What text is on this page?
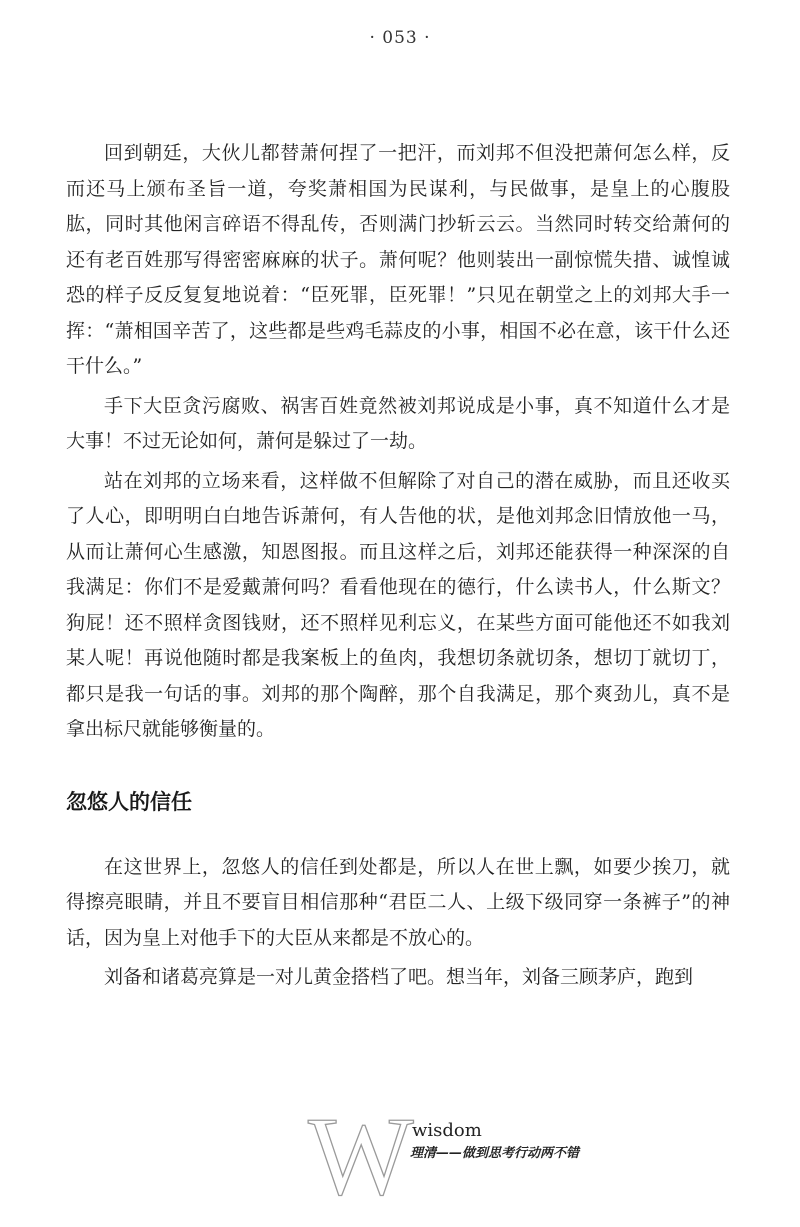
· 053 ·

回到朝廷，大伙儿都替萧何捏了一把汗，而刘邦不但没把萧何怎么样，反而还马上颁布圣旨一道，夸奖萧相国为民谋利，与民做事，是皇上的心腹股肱，同时其他闲言碎语不得乱传，否则满门抄斩云云。当然同时转交给萧何的还有老百姓那写得密密麻麻的状子。萧何呢？他则装出一副惊慌失措、诚惶诚恐的样子反反复复地说着：“臣死罪，臣死罪！”只见在朝堂之上的刘邦大手一挥：“萧相国辛苦了，这些都是些鸡毛蒜皮的小事，相国不必在意，该干什么还干什么。”

手下大臣贪污腐败、祸害百姓竟然被刘邦说成是小事，真不知道什么才是大事！不过无论如何，萧何是躲过了一劫。

站在刘邦的立场来看，这样做不但解除了对自己的潜在威胁，而且还收买了人心，即明明白白地告诉萧何，有人告他的状，是他刘邦念旧情放他一马，从而让萧何心生感激，知恩图报。而且这样之后，刘邦还能获得一种深深的自我满足：你们不是爱戴萧何吗？看看他现在的德行，什么读书人，什么斯文？狗屁！还不照样贪图钱财，还不照样见利忘义，在某些方面可能他还不如我刘某人呢！再说他随时都是我案板上的鱼肉，我想切条就切条，想切丁就切丁，都只是我一句话的事。刘邦的那个陶醉，那个自我满足，那个爽劲儿，真不是拿出标尺就能够衡量的。

忽悠人的信任

在这世界上，忽悠人的信任到处都是，所以人在世上飘，如要少挨刀，就得擦亮眼睛，并且不要盲目相信那种“君臣二人、上级下级同穿一条裤子”的神话，因为皇上对他手下的大臣从来都是不放心的。

刘备和诸葛亮算是一对儿黄金搭档了吧。想当年，刘备三顾茅庐，跑到

W
wisdom
理清——做到思考行动两不错
